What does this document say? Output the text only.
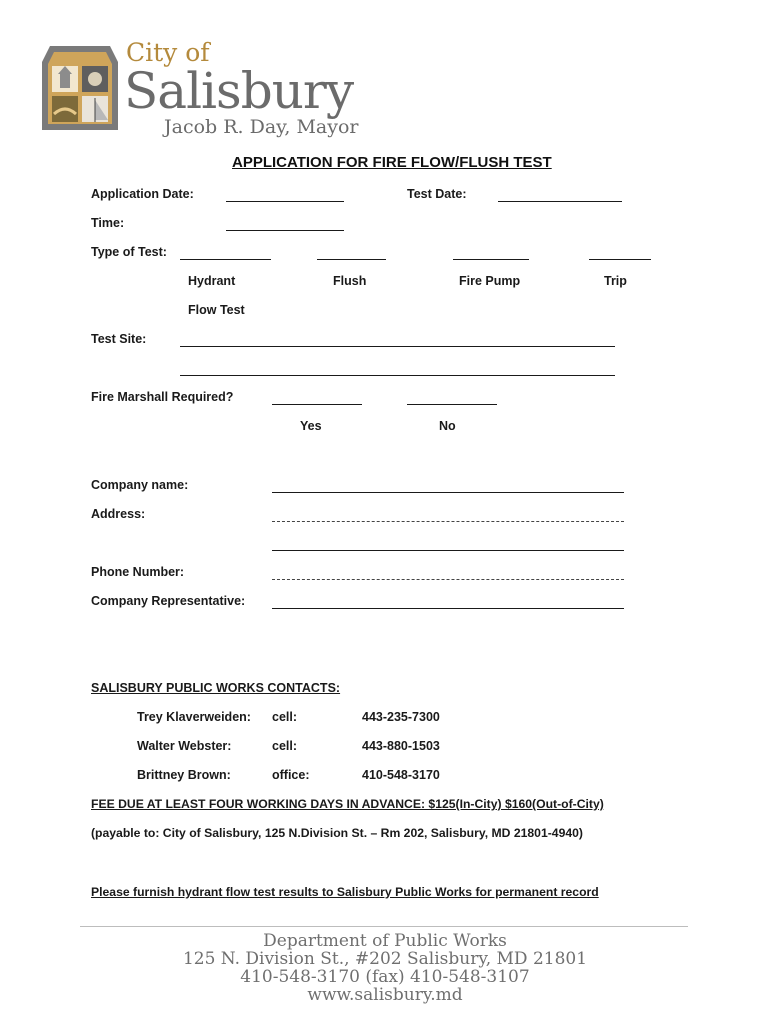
City of
Salisbury
Jacob R. Day, Mayor
APPLICATION FOR FIRE FLOW/FLUSH TEST
Application Date:	Test Date:
Time:
Type of Test:
Hydrant	Flush	Fire Pump	Trip
Flow Test
Test Site:
Fire Marshall Required?
Yes	No
Company name:
Address:
Phone Number:
Company Representative:
SALISBURY PUBLIC WORKS CONTACTS:
Trey Klaverweiden: cell:	443-235-7300
Walter Webster:	cell:	443-880-1503
Brittney Brown:	office:	410-548-3170
FEE DUE AT LEAST FOUR WORKING DAYS IN ADVANCE: $125(In-City) $160(Out-of-City)
(payable to: City of Salisbury, 125 N.Division St. – Rm 202, Salisbury, MD 21801-4940)
Please furnish hydrant flow test results to Salisbury Public Works for permanent record
Department of Public Works
125 N. Division St., #202 Salisbury, MD 21801
410-548-3170 (fax) 410-548-3107
www.salisbury.md
